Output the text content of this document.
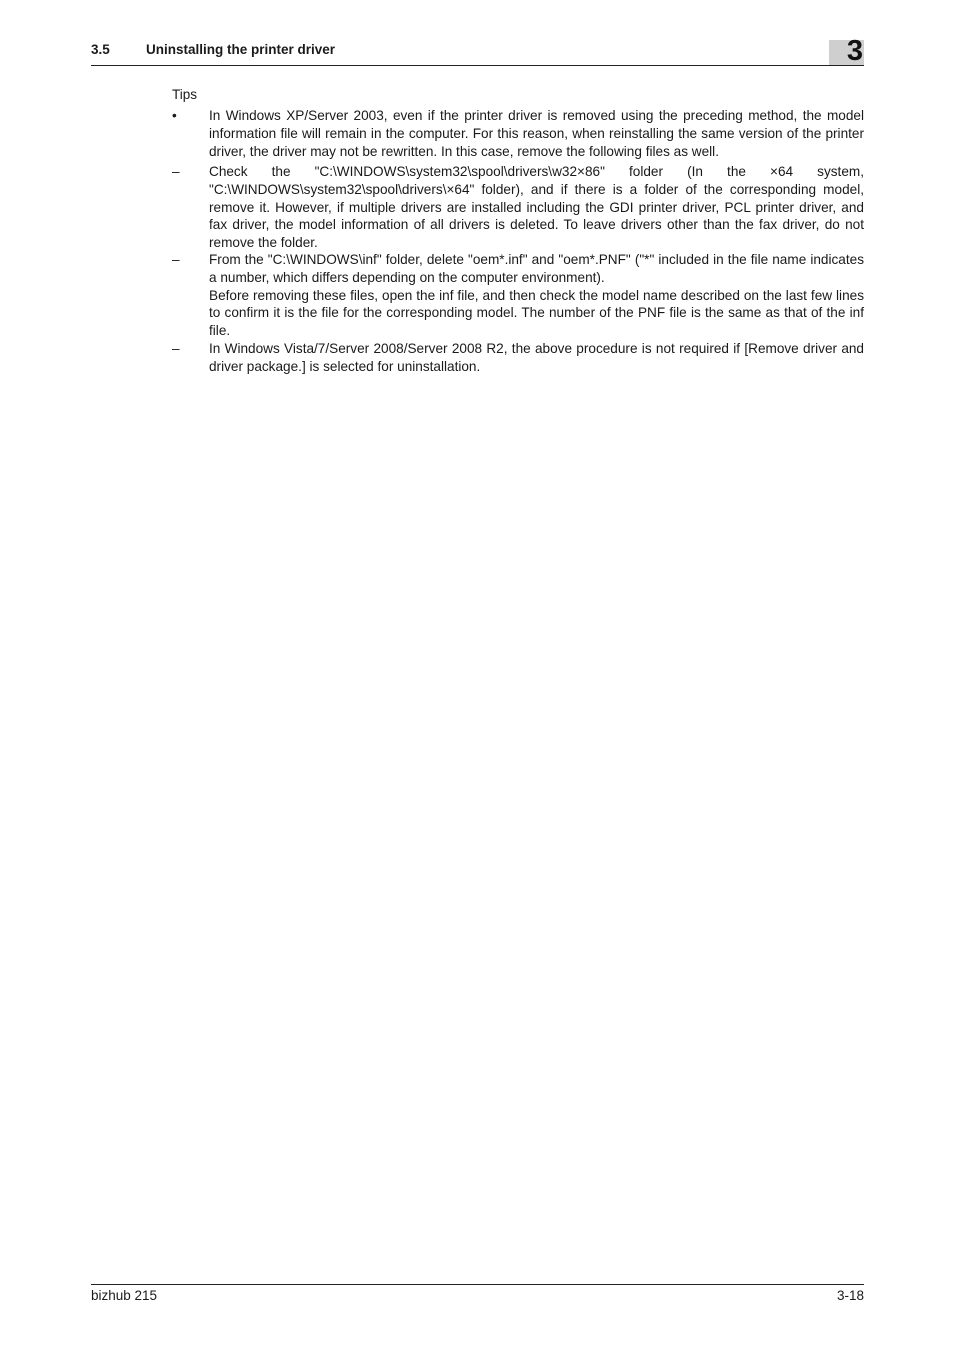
3.5	Uninstalling the printer driver	3
Tips
•	In Windows XP/Server 2003, even if the printer driver is removed using the preceding method, the model information file will remain in the computer. For this reason, when reinstalling the same version of the printer driver, the driver may not be rewritten. In this case, remove the following files as well.
–	Check the "C:\WINDOWS\system32\spool\drivers\w32×86" folder (In the ×64 system, "C:\WINDOWS\system32\spool\drivers\×64" folder), and if there is a folder of the corresponding model, remove it. However, if multiple drivers are installed including the GDI printer driver, PCL printer driver, and fax driver, the model information of all drivers is deleted. To leave drivers other than the fax driver, do not remove the folder.
–	From the "C:\WINDOWS\inf" folder, delete "oem*.inf" and "oem*.PNF" ("*" included in the file name indicates a number, which differs depending on the computer environment).
Before removing these files, open the inf file, and then check the model name described on the last few lines to confirm it is the file for the corresponding model. The number of the PNF file is the same as that of the inf file.
–	In Windows Vista/7/Server 2008/Server 2008 R2, the above procedure is not required if [Remove driver and driver package.] is selected for uninstallation.
bizhub 215	3-18
